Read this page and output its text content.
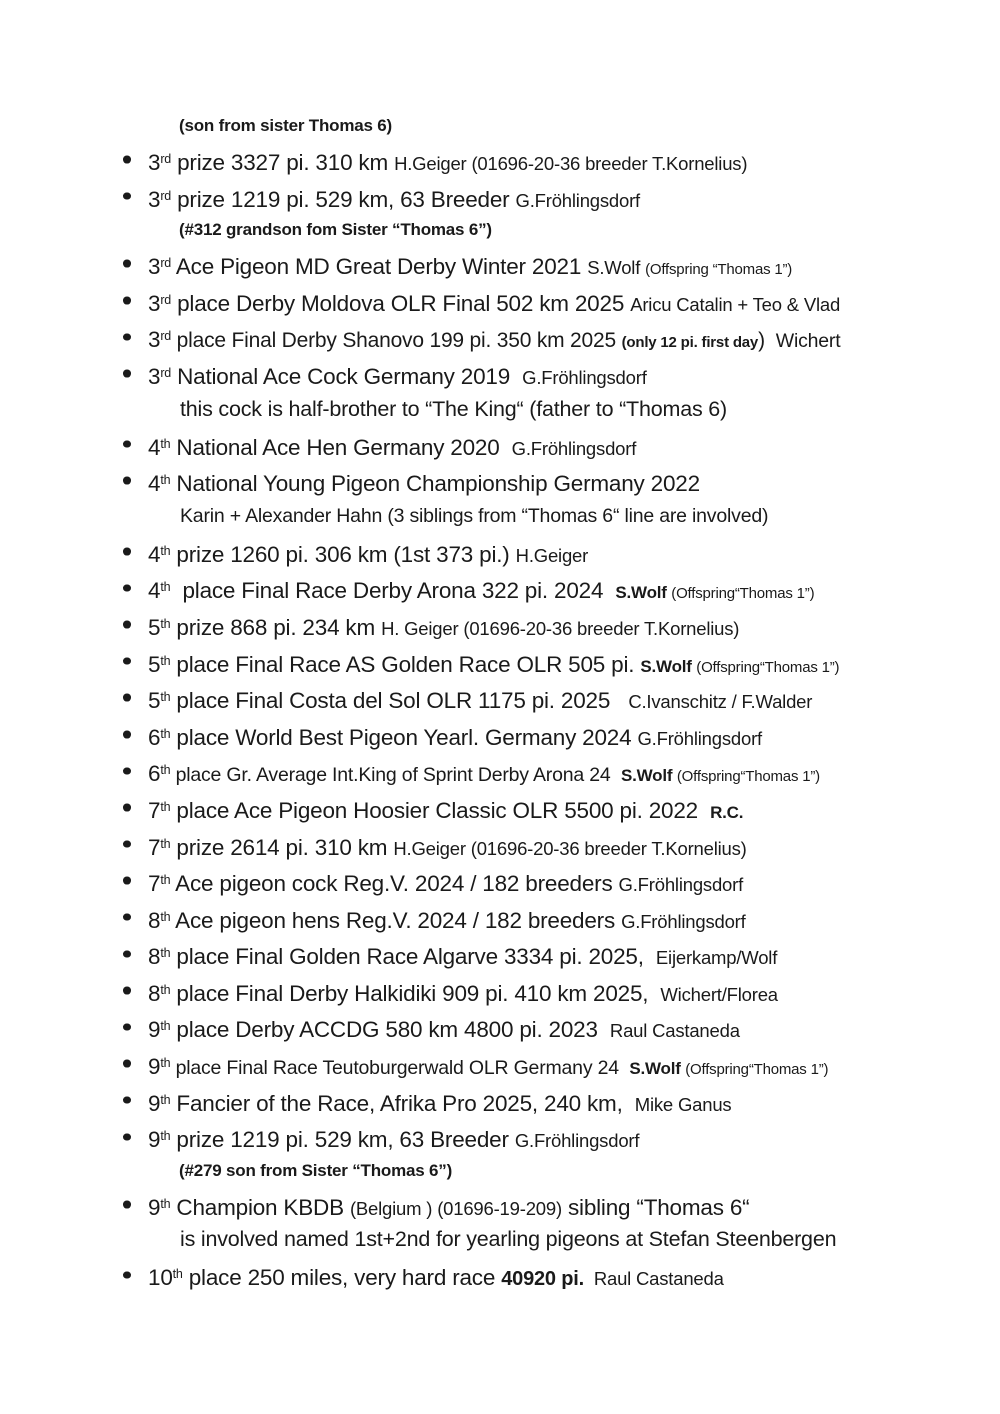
(son from sister Thomas 6)
3rd prize 3327 pi. 310 km H.Geiger (01696-20-36 breeder T.Kornelius)
3rd prize 1219 pi. 529 km, 63 Breeder G.Fröhlingsdorf
(#312 grandson fom Sister “Thomas 6”)
3rd Ace Pigeon MD Great Derby Winter 2021 S.Wolf (Offspring “Thomas 1”)
3rd place Derby Moldova OLR Final 502 km 2025 Aricu Catalin + Teo & Vlad
3rd place Final Derby Shanovo 199 pi. 350 km 2025 (only 12 pi. first day)  Wichert
3rd National Ace Cock Germany 2019  G.Fröhlingsdorf
this cock is half-brother to “The King“ (father to “Thomas 6)
4th National Ace Hen Germany 2020  G.Fröhlingsdorf
4th National Young Pigeon Championship Germany 2022
Karin + Alexander Hahn (3 siblings from “Thomas 6“ line are involved)
4th prize 1260 pi. 306 km (1st 373 pi.) H.Geiger
4th  place Final Race Derby Arona 322 pi. 2024  S.Wolf (Offspring“Thomas 1”)
5th prize 868 pi. 234 km H. Geiger (01696-20-36 breeder T.Kornelius)
5th place Final Race AS Golden Race OLR 505 pi. S.Wolf (Offspring“Thomas 1”)
5th place Final Costa del Sol OLR 1175 pi. 2025   C.Ivanschitz / F.Walder
6th place World Best Pigeon Yearl. Germany 2024 G.Fröhlingsdorf
6th place Gr. Average Int.King of Sprint Derby Arona 24  S.Wolf (Offspring“Thomas 1”)
7th place Ace Pigeon Hoosier Classic OLR 5500 pi. 2022  R.C.
7th prize 2614 pi. 310 km H.Geiger (01696-20-36 breeder T.Kornelius)
7th Ace pigeon cock Reg.V. 2024 / 182 breeders G.Fröhlingsdorf
8th Ace pigeon hens Reg.V. 2024 / 182 breeders G.Fröhlingsdorf
8th place Final Golden Race Algarve 3334 pi. 2025,  Eijerkamp/Wolf
8th place Final Derby Halkidiki 909 pi. 410 km 2025,  Wichert/Florea
9th place Derby ACCDG 580 km 4800 pi. 2023  Raul Castaneda
9th place Final Race Teutoburgerwald OLR Germany 24  S.Wolf (Offspring“Thomas 1”)
9th Fancier of the Race, Afrika Pro 2025, 240 km,  Mike Ganus
9th prize 1219 pi. 529 km, 63 Breeder G.Fröhlingsdorf
(#279 son from Sister “Thomas 6”)
9th Champion KBDB (Belgium ) (01696-19-209) sibling “Thomas 6“
is involved named 1st+2nd for yearling pigeons at Stefan Steenbergen
10th place 250 miles, very hard race 40920 pi.  Raul Castaneda
